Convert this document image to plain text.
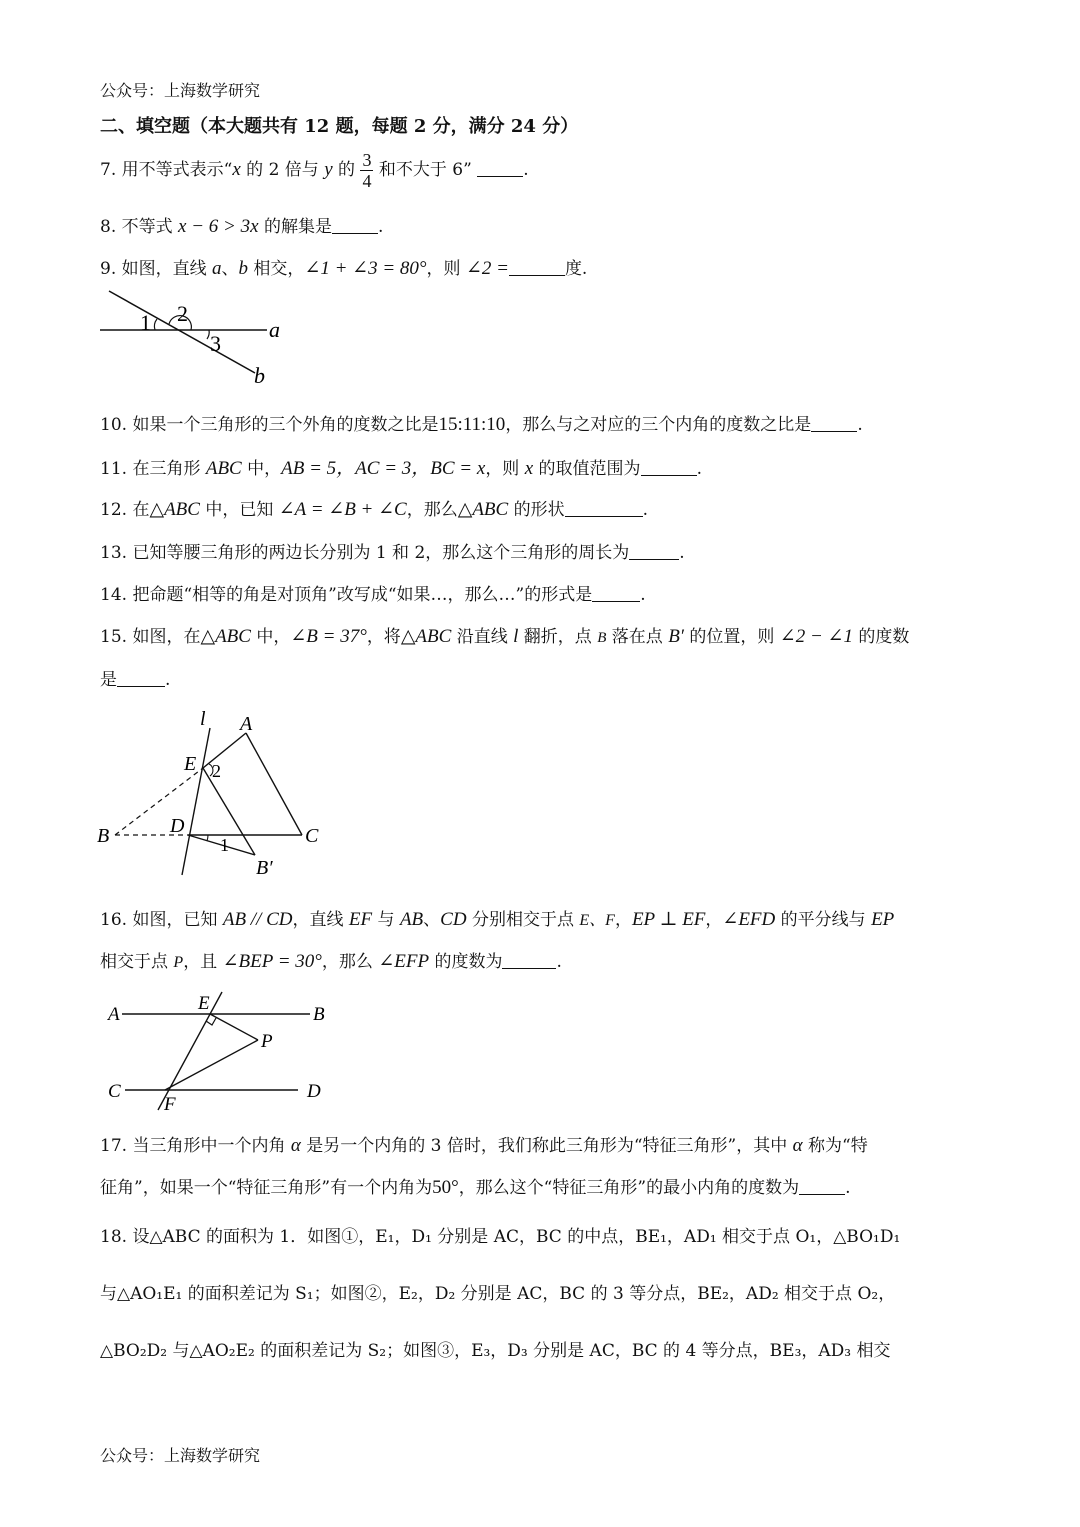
公众号：上海数学研究
二、填空题（本大题共有 12 题，每题 2 分，满分 24 分）
7. 用不等式表示“x 的 2 倍与 y 的 $\frac{3}{4}$ 和不大于 6”	.
8. 不等式 x − 6 > 3x 的解集是	.
9. 如图，直线 a、b 相交，∠1 + ∠3 = 80°，则 ∠2 =	度.
1 2
3
a
b
10. 如果一个三角形的三个外角的度数之比是15:11:10，那么与之对应的三个内角的度数之比是	.
11. 在三角形 ABC 中，AB = 5，AC = 3，BC = x，则 x 的取值范围为	.
12. 在△ABC 中，已知 ∠A = ∠B + ∠C，那么△ABC 的形状	.
13. 已知等腰三角形的两边长分别为 1 和 2，那么这个三角形的周长为	.
14. 把命题“相等的角是对顶角”改写成“如果…，那么…”的形式是	.
15. 如图，在△ABC 中，∠B = 37°，将△ABC 沿直线 l 翻折，点 B 落在点 B′ 的位置，则 ∠2 − ∠1 的度数
是	.
l A
E 2
B	D
1	C
B′
16. 如图，已知 AB // CD，直线 EF 与 AB、CD 分别相交于点 E、F，EP ⊥ EF，∠EFD 的平分线与 EP
相交于点 P，且 ∠BEP = 30°，那么 ∠EFP 的度数为	.
A
E
B
P
C
F
D
17. 当三角形中一个内角 α 是另一个内角的 3 倍时，我们称此三角形为“特征三角形”，其中 α 称为“特
征角”，如果一个“特征三角形”有一个内角为50°，那么这个“特征三角形”的最小内角的度数为	.
18. 设△ABC 的面积为 1．如图①，E₁，D₁ 分别是 AC，BC 的中点，BE₁，AD₁ 相交于点 O₁，△BO₁D₁
与△AO₁E₁ 的面积差记为 S₁；如图②，E₂，D₂ 分别是 AC，BC 的 3 等分点，BE₂，AD₂ 相交于点 O₂，
△BO₂D₂ 与△AO₂E₂ 的面积差记为 S₂；如图③，E₃，D₃ 分别是 AC，BC 的 4 等分点，BE₃，AD₃ 相交
公众号：上海数学研究
